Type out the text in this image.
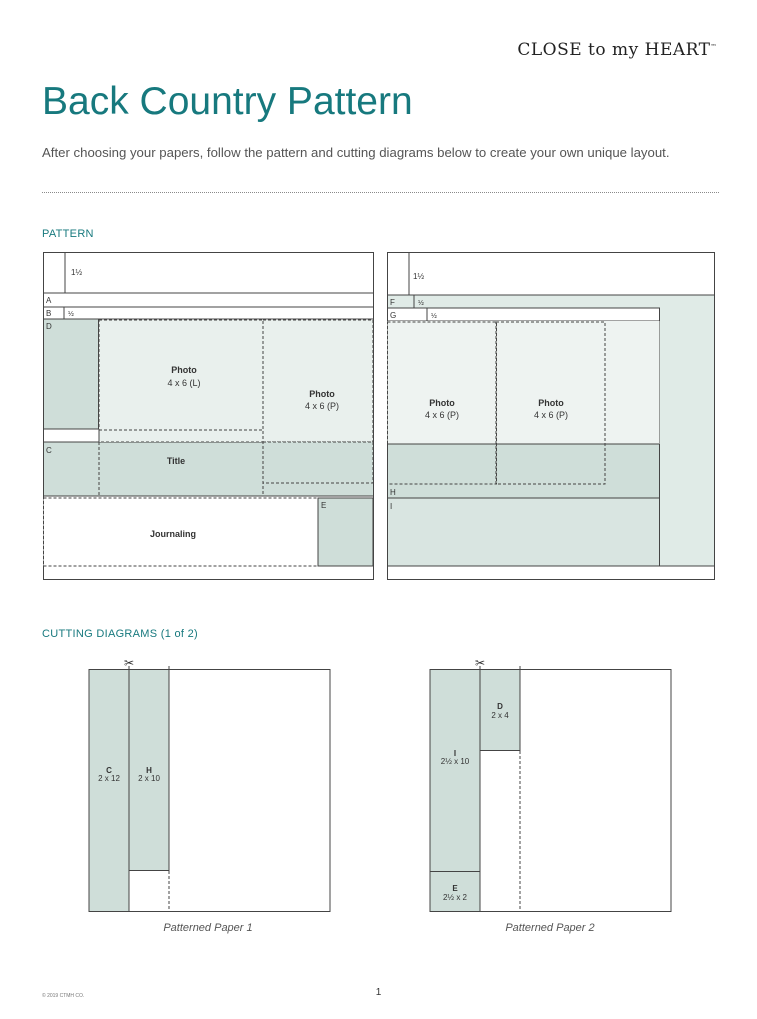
CLOSE to my HEART™
Back Country Pattern

After choosing your papers, follow the pattern and cutting diagrams below to create your own unique layout.

PATTERN

1½
A
B ½
D
C
Photo
4 x 6 (L)
Photo
4 x 6 (P)
Title
Journaling
E
1½
F	½
G	½
Photo
4 x 6 (P)
Photo
4 x 6 (P)
H
I

CUTTING DIAGRAMS (1 of 2)

✂
C
2 x 12
H
2 x 10
Patterned Paper 1
✂
I
2½ x 10
D
2 x 4
E
2½ x 2
Patterned Paper 2
© 2019 CTMH CO.	1
